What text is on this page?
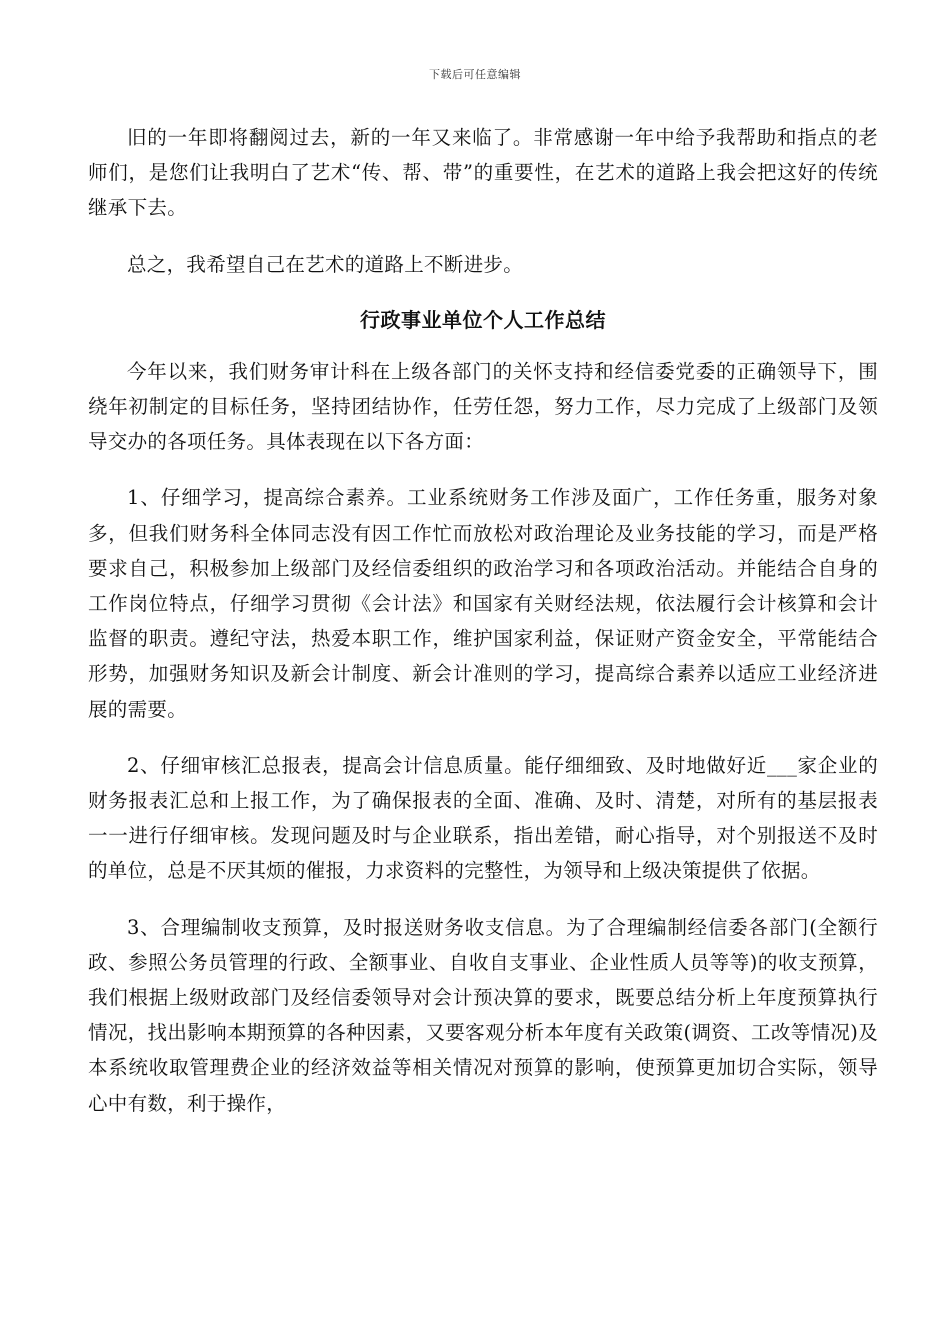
下载后可任意编辑

旧的一年即将翻阅过去，新的一年又来临了。非常感谢一年中给予我帮助和指点的老师们，是您们让我明白了艺术“传、帮、带”的重要性，在艺术的道路上我会把这好的传统继承下去。

总之，我希望自己在艺术的道路上不断进步。

行政事业单位个人工作总结

今年以来，我们财务审计科在上级各部门的关怀支持和经信委党委的正确领导下，围绕年初制定的目标任务，坚持团结协作，任劳任怨，努力工作，尽力完成了上级部门及领导交办的各项任务。具体表现在以下各方面：

1、仔细学习，提高综合素养。工业系统财务工作涉及面广，工作任务重，服务对象多，但我们财务科全体同志没有因工作忙而放松对政治理论及业务技能的学习，而是严格要求自己，积极参加上级部门及经信委组织的政治学习和各项政治活动。并能结合自身的工作岗位特点，仔细学习贯彻《会计法》和国家有关财经法规，依法履行会计核算和会计监督的职责。遵纪守法，热爱本职工作，维护国家利益，保证财产资金安全，平常能结合形势，加强财务知识及新会计制度、新会计准则的学习，提高综合素养以适应工业经济进展的需要。

2、仔细审核汇总报表，提高会计信息质量。能仔细细致、及时地做好近___家企业的财务报表汇总和上报工作，为了确保报表的全面、准确、及时、清楚，对所有的基层报表一一进行仔细审核。发现问题及时与企业联系，指出差错，耐心指导，对个别报送不及时的单位，总是不厌其烦的催报，力求资料的完整性，为领导和上级决策提供了依据。

3、合理编制收支预算，及时报送财务收支信息。为了合理编制经信委各部门(全额行政、参照公务员管理的行政、全额事业、自收自支事业、企业性质人员等等)的收支预算，我们根据上级财政部门及经信委领导对会计预决算的要求，既要总结分析上年度预算执行情况，找出影响本期预算的各种因素，又要客观分析本年度有关政策(调资、工改等情况)及本系统收取管理费企业的经济效益等相关情况对预算的影响，使预算更加切合实际，领导心中有数，利于操作，
